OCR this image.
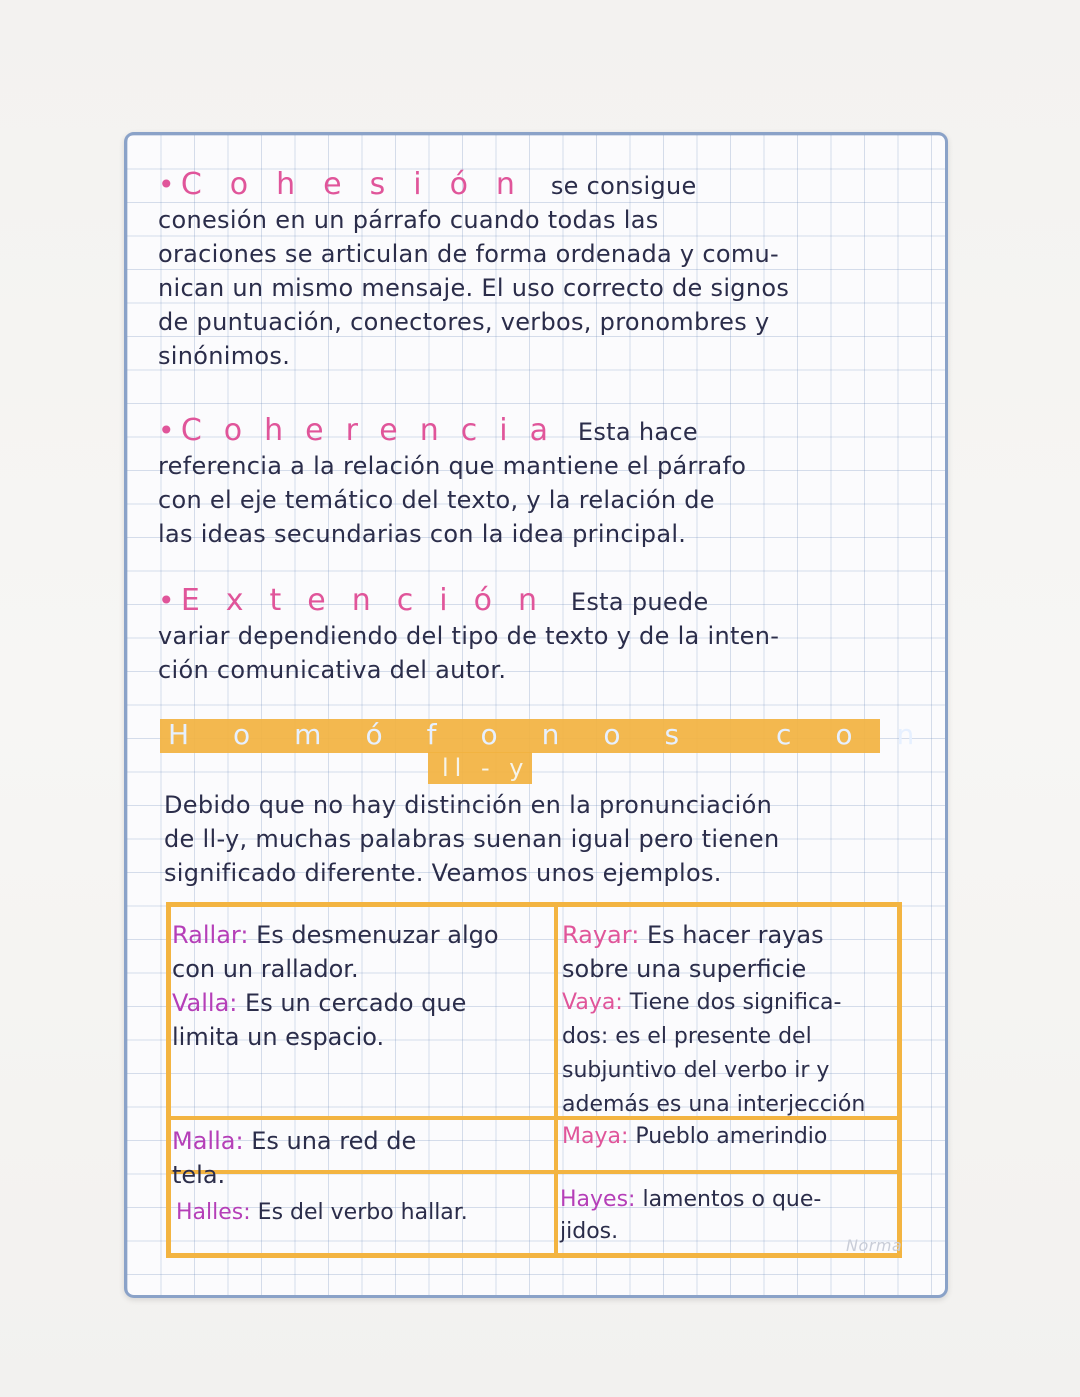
• Cohesión se consigue
conesión en un párrafo cuando todas las
oraciones se articulan de forma ordenada y comu-
nican un mismo mensaje. El uso correcto de signos
de puntuación, conectores, verbos, pronombres y
sinónimos.
• Coherencia Esta hace
referencia a la relación que mantiene el párrafo
con el eje temático del texto, y la relación de
las ideas secundarias con la idea principal.
• Extención Esta puede
variar dependiendo del tipo de texto y de la inten-
ción comunicativa del autor.
Homófonos con
ll - y
Debido que no hay distinción en la pronunciación
de ll-y, muchas palabras suenan igual pero tienen
significado diferente. Veamos unos ejemplos.
Rallar: Es desmenuzar algo
con un rallador.
Valla: Es un cercado que
limita un espacio.
Rayar: Es hacer rayas
sobre una superficie
Vaya: Tiene dos significa-
dos: es el presente del
subjuntivo del verbo ir y
además es una interjección
Malla: Es una red de
tela.
Maya: Pueblo amerindio
Halles: Es del verbo hallar.
Hayes: lamentos o que-
jidos.
Norma
